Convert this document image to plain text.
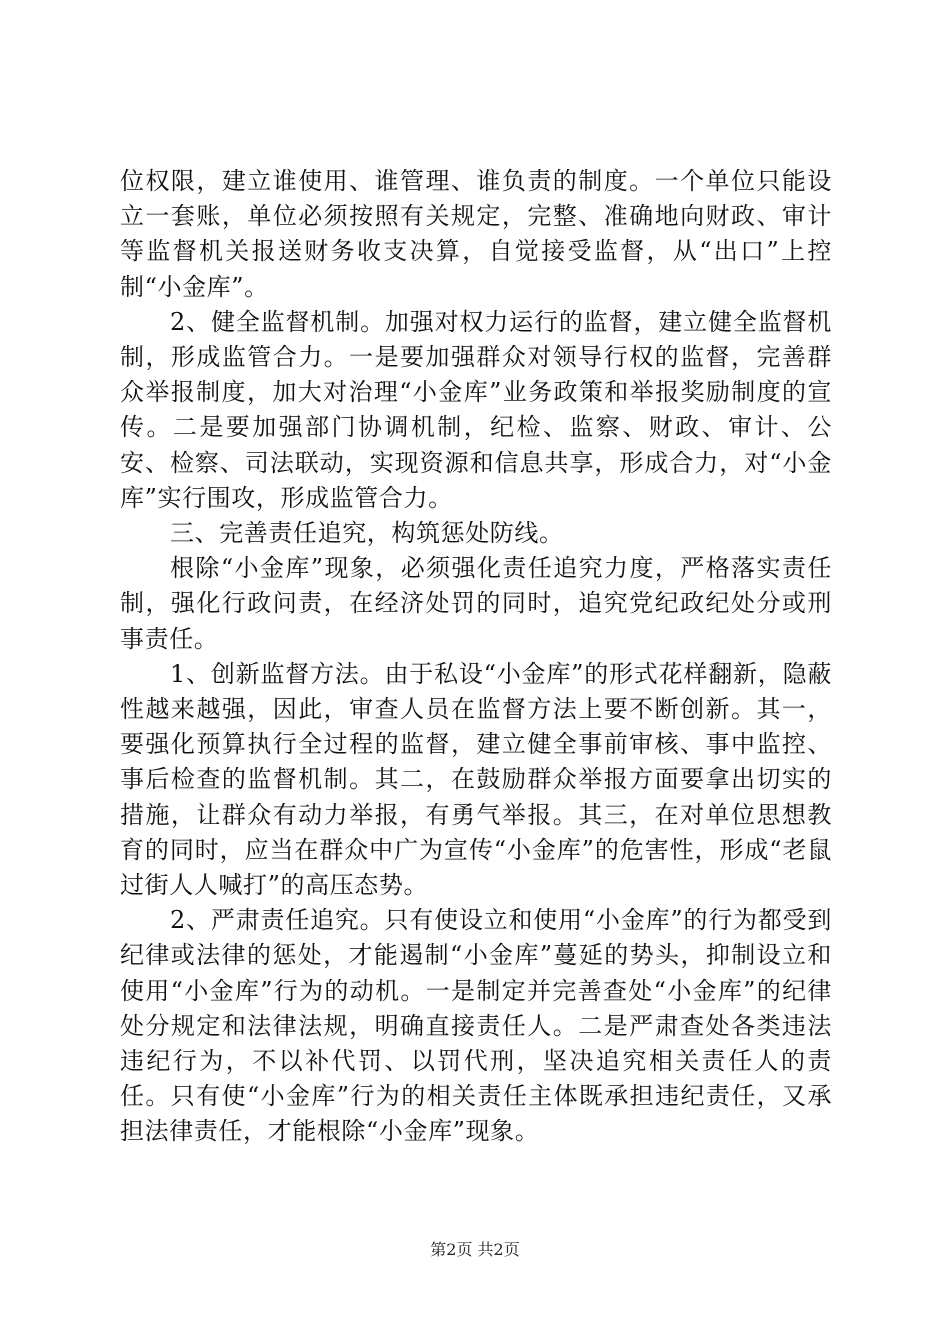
位权限，建立谁使用、谁管理、谁负责的制度。一个单位只能设立一套账，单位必须按照有关规定，完整、准确地向财政、审计等监督机关报送财务收支决算，自觉接受监督，从“出口”上控制“小金库”。

2、健全监督机制。加强对权力运行的监督，建立健全监督机制，形成监管合力。一是要加强群众对领导行权的监督，完善群众举报制度，加大对治理“小金库”业务政策和举报奖励制度的宣传。二是要加强部门协调机制，纪检、监察、财政、审计、公安、检察、司法联动，实现资源和信息共享，形成合力，对“小金库”实行围攻，形成监管合力。

三、完善责任追究，构筑惩处防线。

根除“小金库”现象，必须强化责任追究力度，严格落实责任制，强化行政问责，在经济处罚的同时，追究党纪政纪处分或刑事责任。

1、创新监督方法。由于私设“小金库”的形式花样翻新，隐蔽性越来越强，因此，审查人员在监督方法上要不断创新。其一，要强化预算执行全过程的监督，建立健全事前审核、事中监控、事后检查的监督机制。其二，在鼓励群众举报方面要拿出切实的措施，让群众有动力举报，有勇气举报。其三，在对单位思想教育的同时，应当在群众中广为宣传“小金库”的危害性，形成“老鼠过街人人喊打”的高压态势。

2、严肃责任追究。只有使设立和使用“小金库”的行为都受到纪律或法律的惩处，才能遏制“小金库”蔓延的势头，抑制设立和使用“小金库”行为的动机。一是制定并完善查处“小金库”的纪律处分规定和法律法规，明确直接责任人。二是严肃查处各类违法违纪行为，不以补代罚、以罚代刑，坚决追究相关责任人的责任。只有使“小金库”行为的相关责任主体既承担违纪责任，又承担法律责任，才能根除“小金库”现象。

第2页 共2页
